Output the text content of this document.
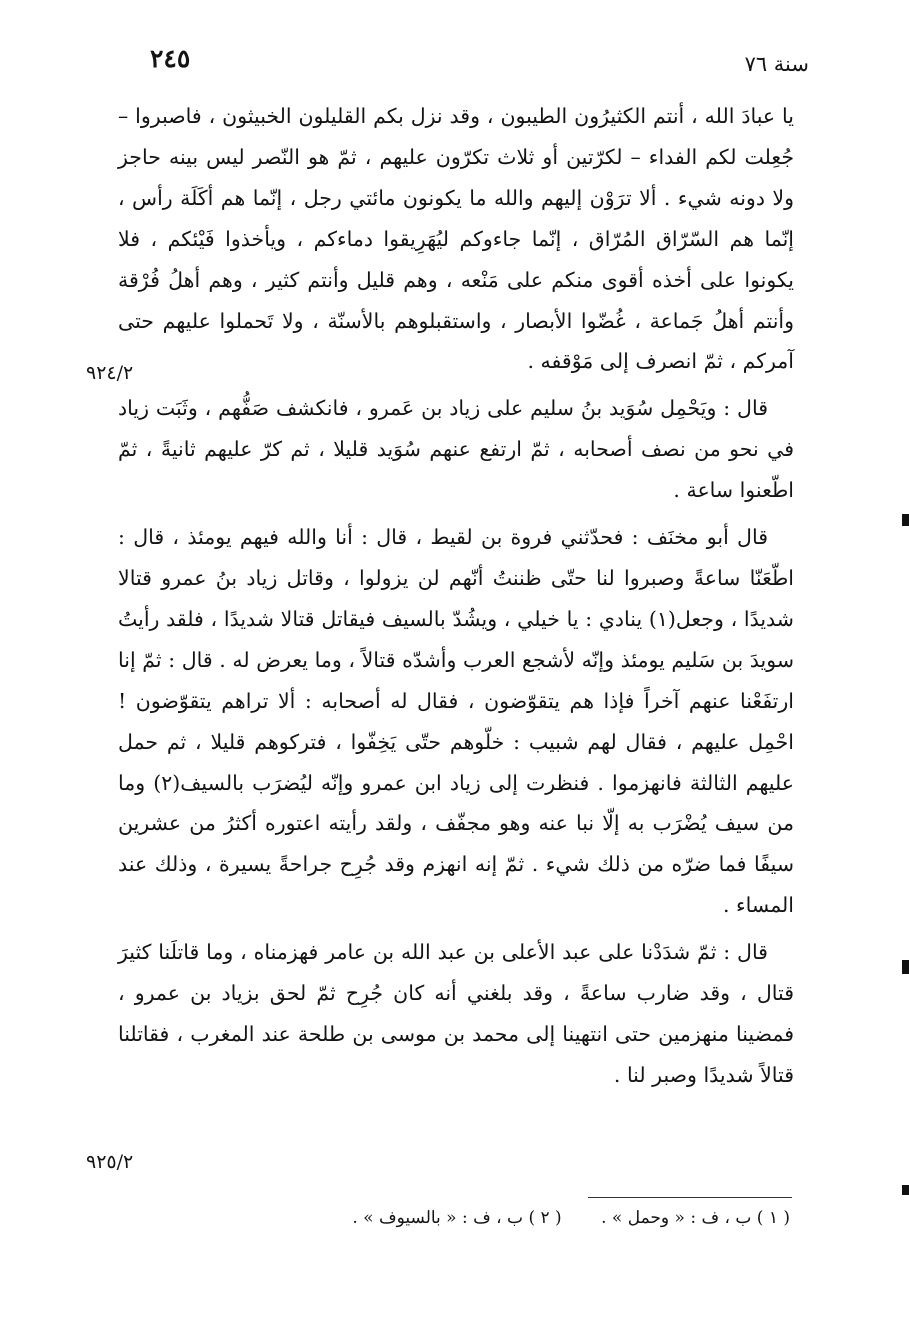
٢٤٥	سنة ٧٦

يا عبادَ الله ، أنتم الكثيرُون الطيبون ، وقد نزل بكم القليلون الخبيثون ، فاصبروا – جُعِلت لكم الفداء – لكرّتين أو ثلاث تكرّون عليهم ، ثمّ هو النّصر ليس بينه حاجز ولا دونه شيء . ألا ترَوْن إليهم والله ما يكونون مائتي رجل ، إنّما هم أكَلَة رأس ، إنّما هم السّرّاق المُرّاق ، إنّما جاءوكم ليُهَرِيقوا دماءكم ، ويأخذوا فَيْئكم ، فلا يكونوا على أخذه أقوى منكم على مَنْعه ، وهم قليل وأنتم كثير ، وهم أهلُ فُرْقة وأنتم أهلُ جَماعة ، غُضّوا الأبصار ، واستقبلوهم بالأسنّة ، ولا تَحملوا عليهم حتى آمركم ، ثمّ انصرف إلى مَوْقفه .

قال : ويَحْمِل سُوَيد بنُ سليم على زياد بن عَمرو ، فانكشف صَفُّهم ، وثَبَت زياد في نحو من نصف أصحابه ، ثمّ ارتفع عنهم سُوَيد قليلا ، ثم كرّ عليهم ثانيةً ، ثمّ اطّعنوا ساعة .

قال أبو مخنَف : فحدّثني فروة بن لقيط ، قال : أنا والله فيهم يومئذ ، قال : اطّعَنّا ساعةً وصبروا لنا حتّى ظننتُ أنّهم لن يزولوا ، وقاتل زياد بنُ عمرو قتالا شديدًا ، وجعل(١) ينادي : يا خيلي ، ويشُدّ بالسيف فيقاتل قتالا شديدًا ، فلقد رأيتُ سويدَ بن سَليم يومئذ وإنّه لأشجع العرب وأشدّه قتالاً ، وما يعرض له . قال : ثمّ إنا ارتفَعْنا عنهم آخراً فإذا هم يتقوّضون ، فقال له أصحابه : ألا تراهم يتقوّضون ! احْمِل عليهم ، فقال لهم شبيب : خلّوهم حتّى يَخِفّوا ، فتركوهم قليلا ، ثم حمل عليهم الثالثة فانهزموا . فنظرت إلى زياد ابن عمرو وإنّه ليُضرَب بالسيف(٢) وما من سيف يُضْرَب به إلّا نبا عنه وهو مجفّف ، ولقد رأيته اعتوره أكثرُ من عشرين سيفًا فما ضرّه من ذلك شيء . ثمّ إنه انهزم وقد جُرِح جراحةً يسيرة ، وذلك عند المساء .

قال : ثمّ شدَدْنا على عبد الأعلى بن عبد الله بن عامر فهزمناه ، وما قاتلَنا كثيرَ قتال ، وقد ضارب ساعةً ، وقد بلغني أنه كان جُرِح ثمّ لحق بزياد بن عمرو ، فمضينا منهزمين حتى انتهينا إلى محمد بن موسى بن طلحة عند المغرب ، فقاتلنا قتالاً شديدًا وصبر لنا .

٩٢٤/٢
٩٢٥/٢
( ١ ) ب ، ف : « وحمل » . ( ٢ ) ب ، ف : « بالسيوف » .
